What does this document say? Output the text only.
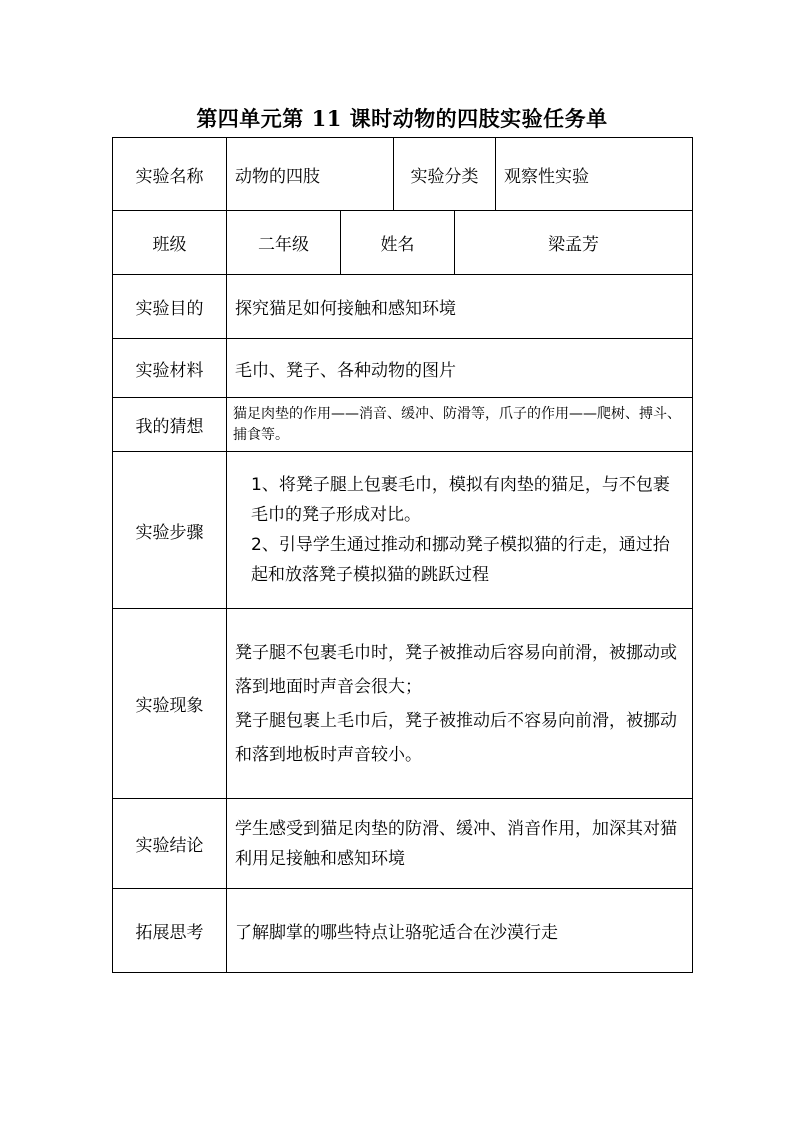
第四单元第 11 课时动物的四肢实验任务单
实验名称	动物的四肢		实验分类		观察性实验
班级	二年级	姓名		梁孟芳	
实验目的	探究猫足如何接触和感知环境				
实验材料	毛巾、凳子、各种动物的图片				
我的猜想	猫足肉垫的作用——消音、缓冲、防滑等，爪子的作用——爬树、搏斗、捕食等。				
实验步骤	1、将凳子腿上包裹毛巾，模拟有肉垫的猫足，与不包裹毛巾的凳子形成对比。

2、引导学生通过推动和挪动凳子模拟猫的行走，通过抬起和放落凳子模拟猫的跳跃过程				

实验现象	凳子腿不包裹毛巾时，凳子被推动后容易向前滑，被挪动或落到地面时声音会很大；

凳子腿包裹上毛巾后，凳子被推动后不容易向前滑，被挪动和落到地板时声音较小。				

实验结论	学生感受到猫足肉垫的防滑、缓冲、消音作用，加深其对猫利用足接触和感知环境				
拓展思考	了解脚掌的哪些特点让骆驼适合在沙漠行走				
